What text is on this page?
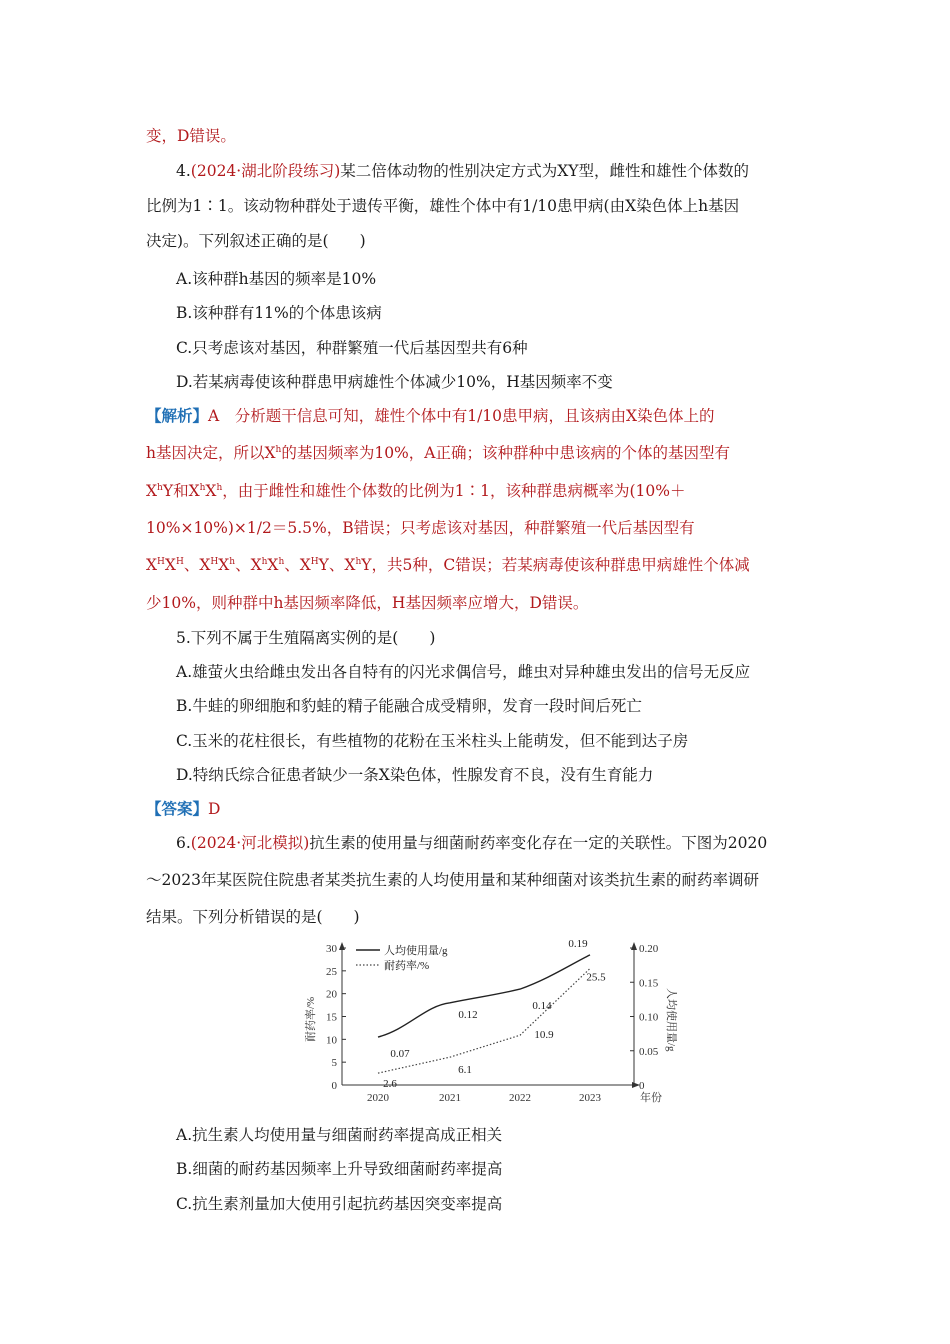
变，D错误。
4.(2024·湖北阶段练习)某二倍体动物的性别决定方式为XY型，雌性和雄性个体数的
比例为1∶1。该动物种群处于遗传平衡，雄性个体中有1/10患甲病(由X染色体上h基因
决定)。下列叙述正确的是(　　)
A.该种群h基因的频率是10%
B.该种群有11%的个体患该病
C.只考虑该对基因，种群繁殖一代后基因型共有6种
D.若某病毒使该种群患甲病雄性个体减少10%，H基因频率不变
【解析】A　分析题干信息可知，雄性个体中有1/10患甲病，且该病由X染色体上的
h基因决定，所以$X^h$的基因频率为10%，A正确；该种群种中患该病的个体的基因型有
$X^hY$和$X^hX^h$，由于雌性和雄性个体数的比例为1∶1，该种群患病概率为(10%＋
10%×10%)×1/2＝5.5%，B错误；只考虑该对基因，种群繁殖一代后基因型有
$X^HX^H$、$X^HX^h$、$X^hX^h$、$X^HY$、$X^hY$，共5种，C错误；若某病毒使该种群患甲病雄性个体减
少10%，则种群中h基因频率降低，H基因频率应增大，D错误。
5.下列不属于生殖隔离实例的是(　　)
A.雄萤火虫给雌虫发出各自特有的闪光求偶信号，雌虫对异种雄虫发出的信号无反应
B.牛蛙的卵细胞和豹蛙的精子能融合成受精卵，发育一段时间后死亡
C.玉米的花柱很长，有些植物的花粉在玉米柱头上能萌发，但不能到达子房
D.特纳氏综合征患者缺少一条X染色体，性腺发育不良，没有生育能力
【答案】D
6.(2024·河北模拟)抗生素的使用量与细菌耐药率变化存在一定的关联性。下图为2020
～2023年某医院住院患者某类抗生素的人均使用量和某种细菌对该类抗生素的耐药率调研
结果。下列分析错误的是(　　)
0
5
10
15
20
25
30
0
0.05
0.10
0.15
0.20
2020	2021	2022	2023	年份
耐药率/%	人均使用量/g
人均使用量/g
耐药率/%
0.07
0.12
0.14
0.19
2.6
6.1
10.9
25.5
A.抗生素人均使用量与细菌耐药率提高成正相关
B.细菌的耐药基因频率上升导致细菌耐药率提高
C.抗生素剂量加大使用引起抗药基因突变率提高
